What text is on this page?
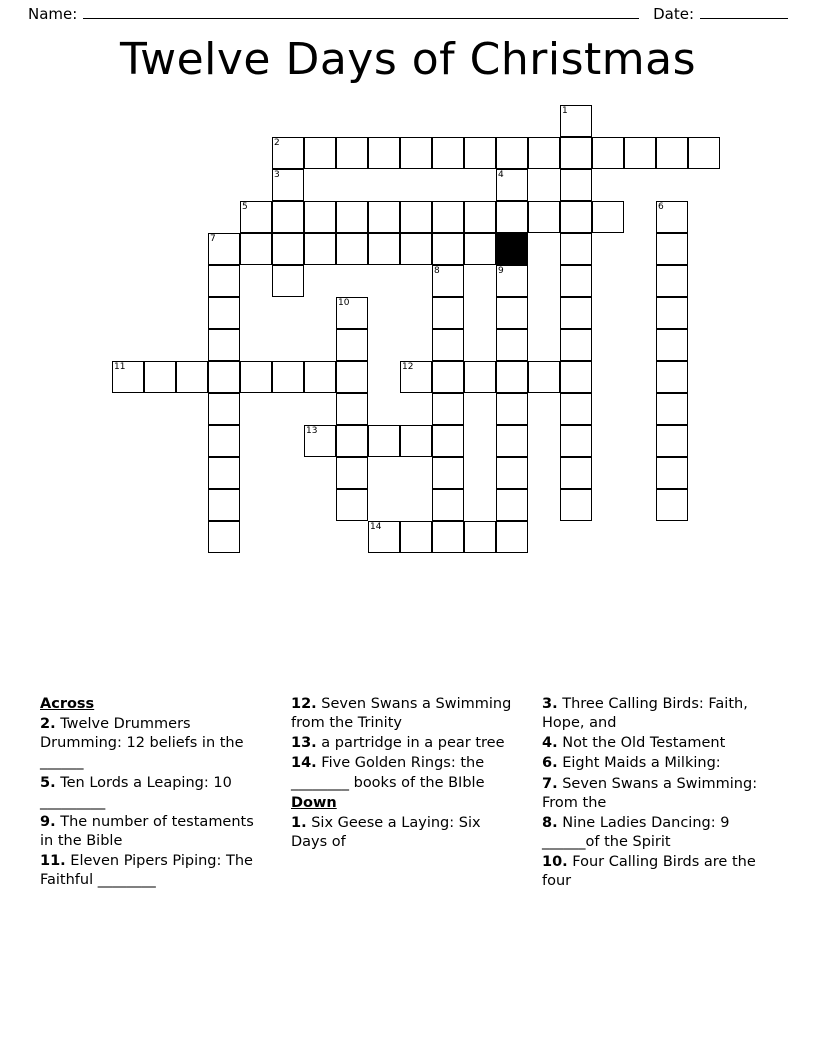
Name:	Date:
Twelve Days of Christmas
1
2
3	4
5	6
7
8	9
10
11	12
13
14
Across
2. Twelve Drummers Drumming: 12 beliefs in the ______
5. Ten Lords a Leaping: 10 _________
9. The number of testaments in the Bible
11. Eleven Pipers Piping: The Faithful ________
12. Seven Swans a Swimming from the Trinity
13. a partridge in a pear tree
14. Five Golden Rings: the ________ books of the BIble
Down
1. Six Geese a Laying: Six Days of
3. Three Calling Birds: Faith, Hope, and
4. Not the Old Testament
6. Eight Maids a Milking:
7. Seven Swans a Swimming: From the
8. Nine Ladies Dancing: 9 ______of the Spirit
10. Four Calling Birds are the four
